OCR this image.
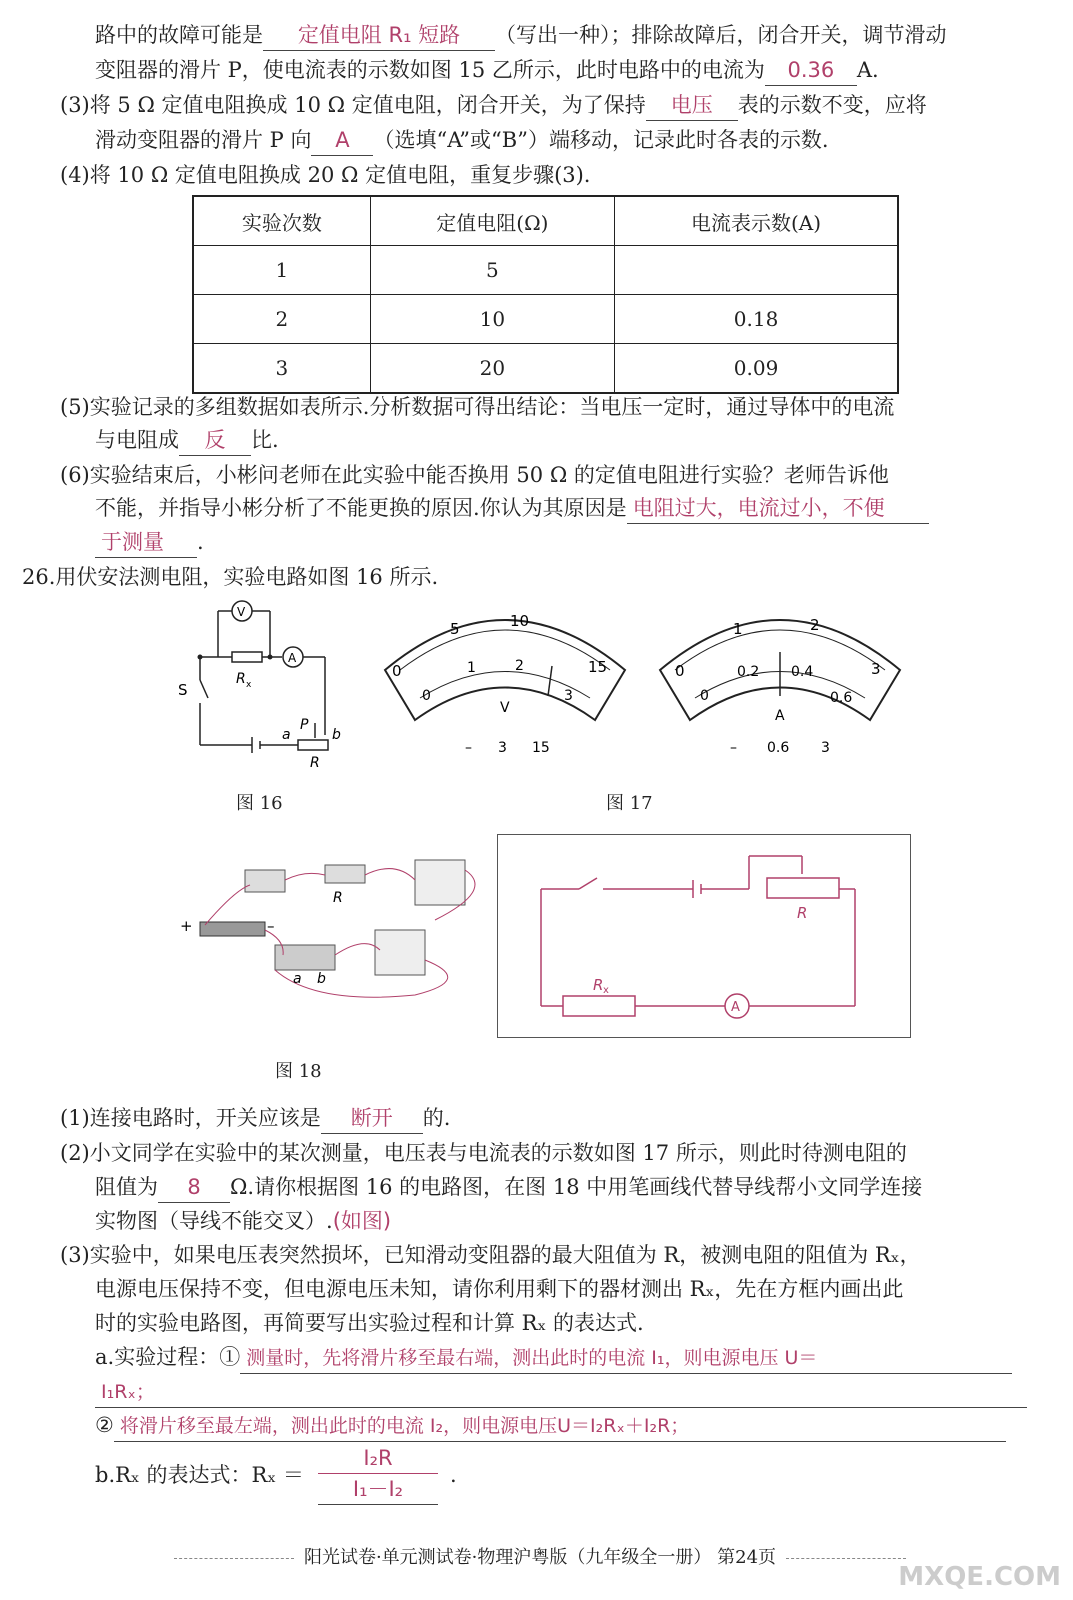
路中的故障可能是 定值电阻 R₁ 短路 （写出一种）；排除故障后，闭合开关，调节滑动
变阻器的滑片 P，使电流表的示数如图 15 乙所示，此时电路中的电流为 0.36 A.
(3)将 5 Ω 定值电阻换成 10 Ω 定值电阻，闭合开关，为了保持 电压 表的示数不变，应将
滑动变阻器的滑片 P 向 A （选填“A”或“B”）端移动，记录此时各表的示数.
(4)将 10 Ω 定值电阻换成 20 Ω 定值电阻，重复步骤(3).
实验次数	定值电阻(Ω)	电流表示数(A)
1	5	
2	10	0.18
3	20	0.09
(5)实验记录的多组数据如表所示.分析数据可得出结论：当电压一定时，通过导体中的电流
与电阻成 反 比.
(6)实验结束后，小彬问老师在此实验中能否换用 50 Ω 的定值电阻进行实验？老师告诉他
不能，并指导小彬分析了不能更换的原因.你认为其原因是 电阻过大，电流过小，不便
于测量 .
26.用伏安法测电阻，实验电路如图 16 所示.
V
A
R x
S
a
P
b
R
图 16
0
5	10
15
0
1	2
3
V
– 3 15
0
1	2
3
0
0.2 0.4
0.6
A
– 0.6 3
图 17
+	–
R
a b
图 18
R
R x
A
(1)连接电路时，开关应该是 断开 的.
(2)小文同学在实验中的某次测量，电压表与电流表的示数如图 17 所示，则此时待测电阻的
阻值为 8 Ω.请你根据图 16 的电路图，在图 18 中用笔画线代替导线帮小文同学连接
实物图（导线不能交叉）.(如图)
(3)实验中，如果电压表突然损坏，已知滑动变阻器的最大阻值为 R，被测电阻的阻值为 Rₓ，
电源电压保持不变，但电源电压未知，请你利用剩下的器材测出 Rₓ，先在方框内画出此
时的实验电路图，再简要写出实验过程和计算 Rₓ 的表达式.
a.实验过程：① 测量时，先将滑片移至最右端，测出此时的电流 I₁，则电源电压 U＝
I₁Rₓ；
② 将滑片移至最左端，测出此时的电流 I₂，则电源电压U＝I₂Rₓ＋I₂R；
b.Rₓ 的表达式：$R_x = \frac{\text{I₂R}}{\text{I₁－I₂}}$ .
阳光试卷·单元测试卷·物理沪粤版（九年级全一册） 第24页
MXQE.COM
